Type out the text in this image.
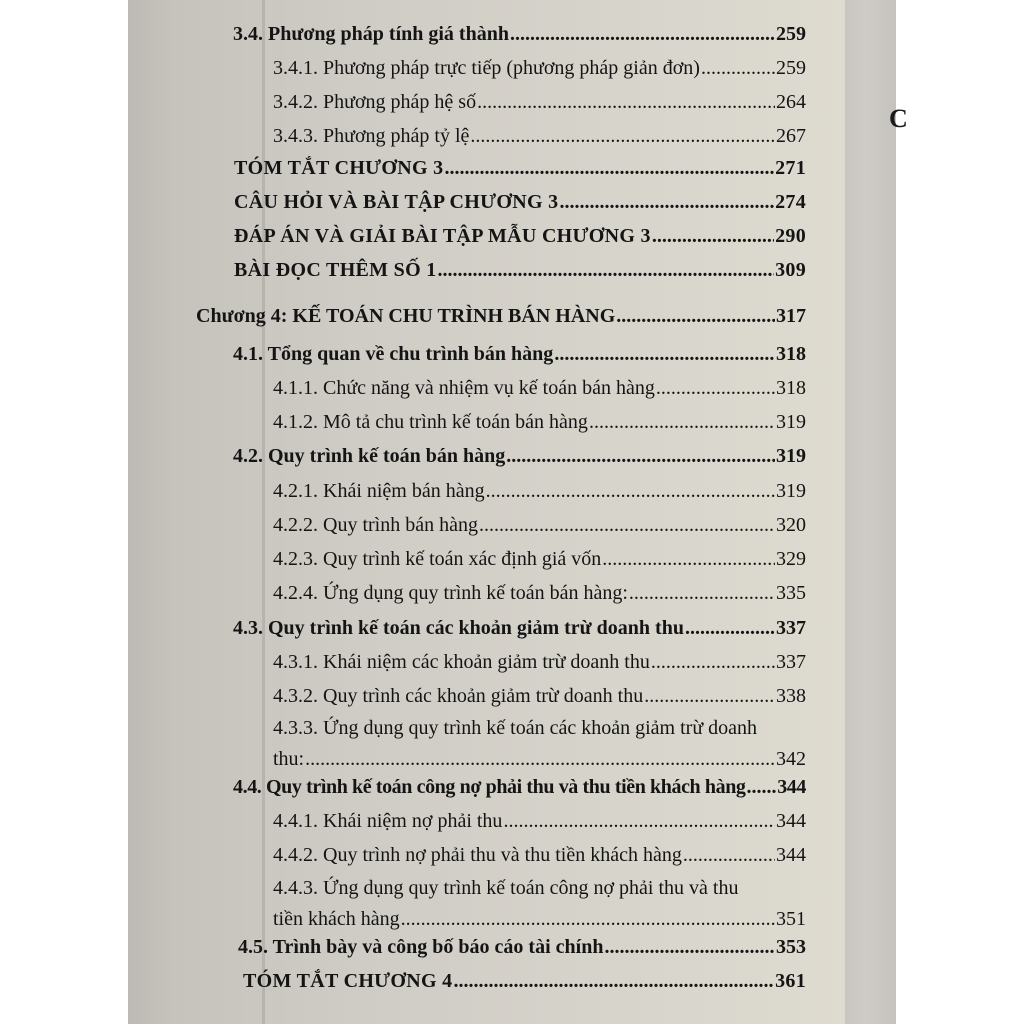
C
3.4. Phương pháp tính giá thành .....	259
3.4.1. Phương pháp trực tiếp (phương pháp giản đơn) .....	259
3.4.2. Phương pháp hệ số .....	264
3.4.3. Phương pháp tỷ lệ .....	267
TÓM TẮT CHƯƠNG 3 .....	271
CÂU HỎI VÀ BÀI TẬP CHƯƠNG 3 .....	274
ĐÁP ÁN VÀ GIẢI BÀI TẬP MẪU CHƯƠNG 3 .....	290
BÀI ĐỌC THÊM SỐ 1 .....	309
Chương 4: KẾ TOÁN CHU TRÌNH BÁN HÀNG .....	317
4.1. Tổng quan về chu trình bán hàng .....	318
4.1.1. Chức năng và nhiệm vụ kế toán bán hàng .....	318
4.1.2. Mô tả chu trình kế toán bán hàng .....	319
4.2. Quy trình kế toán bán hàng .....	319
4.2.1. Khái niệm bán hàng .....	319
4.2.2. Quy trình bán hàng .....	320
4.2.3. Quy trình kế toán xác định giá vốn .....	329
4.2.4. Ứng dụng quy trình kế toán bán hàng: .....	335
4.3. Quy trình kế toán các khoản giảm trừ doanh thu .....	337
4.3.1. Khái niệm các khoản giảm trừ doanh thu .....	337
4.3.2. Quy trình các khoản giảm trừ doanh thu .....	338
4.3.3. Ứng dụng quy trình kế toán các khoản giảm trừ doanh
thu: .....	342
4.4. Quy trình kế toán công nợ phải thu và thu tiền khách hàng ..... 344
4.4.1. Khái niệm nợ phải thu .....	344
4.4.2. Quy trình nợ phải thu và thu tiền khách hàng .....	344
4.4.3. Ứng dụng quy trình kế toán công nợ phải thu và thu
tiền khách hàng .....	351
4.5. Trình bày và công bố báo cáo tài chính .....	353
TÓM TẮT CHƯƠNG 4 .....	361
